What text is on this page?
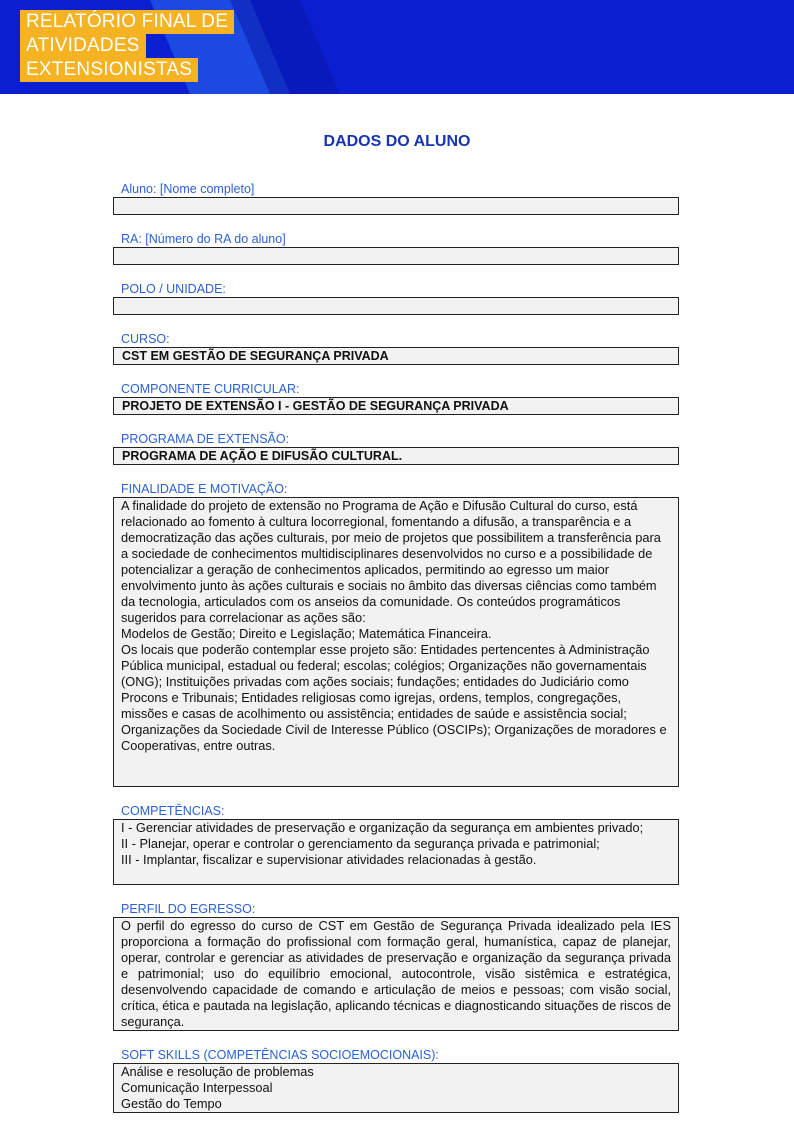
RELATÓRIO FINAL DE
ATIVIDADES
EXTENSIONISTAS
DADOS DO ALUNO
Aluno: [Nome completo]
RA: [Número do RA do aluno]
POLO / UNIDADE:
CURSO:
CST EM GESTÃO DE SEGURANÇA PRIVADA
COMPONENTE CURRICULAR:
PROJETO DE EXTENSÃO I - GESTÃO DE SEGURANÇA PRIVADA
PROGRAMA DE EXTENSÃO:
PROGRAMA DE AÇÃO E DIFUSÃO CULTURAL.
FINALIDADE E MOTIVAÇÃO:
A finalidade do projeto de extensão no Programa de Ação e Difusão Cultural do curso, está relacionado ao fomento à cultura locorregional, fomentando a difusão, a transparência e a democratização das ações culturais, por meio de projetos que possibilitem a transferência para a sociedade de conhecimentos multidisciplinares desenvolvidos no curso e a possibilidade de potencializar a geração de conhecimentos aplicados, permitindo ao egresso um maior envolvimento junto às ações culturais e sociais no âmbito das diversas ciências como também da tecnologia, articulados com os anseios da comunidade. Os conteúdos programáticos sugeridos para correlacionar as ações são:
Modelos de Gestão; Direito e Legislação; Matemática Financeira.
Os locais que poderão contemplar esse projeto são: Entidades pertencentes à Administração Pública municipal, estadual ou federal; escolas; colégios; Organizações não governamentais (ONG); Instituições privadas com ações sociais; fundações; entidades do Judiciário como Procons e Tribunais; Entidades religiosas como igrejas, ordens, templos, congregações, missões e casas de acolhimento ou assistência; entidades de saúde e assistência social; Organizações da Sociedade Civil de Interesse Público (OSCIPs); Organizações de moradores e Cooperativas, entre outras.
COMPETÊNCIAS:
I - Gerenciar atividades de preservação e organização da segurança em ambientes privado;
II - Planejar, operar e controlar o gerenciamento da segurança privada e patrimonial;
III - Implantar, fiscalizar e supervisionar atividades relacionadas à gestão.
PERFIL DO EGRESSO:
O perfil do egresso do curso de CST em Gestão de Segurança Privada idealizado pela IES proporciona a formação do profissional com formação geral, humanística, capaz de planejar, operar, controlar e gerenciar as atividades de preservação e organização da segurança privada e patrimonial; uso do equilíbrio emocional, autocontrole, visão sistêmica e estratégica, desenvolvendo capacidade de comando e articulação de meios e pessoas; com visão social, crítica, ética e pautada na legislação, aplicando técnicas e diagnosticando situações de riscos de segurança.
SOFT SKILLS (COMPETÊNCIAS SOCIOEMOCIONAIS):
Análise e resolução de problemas
Comunicação Interpessoal
Gestão do Tempo
